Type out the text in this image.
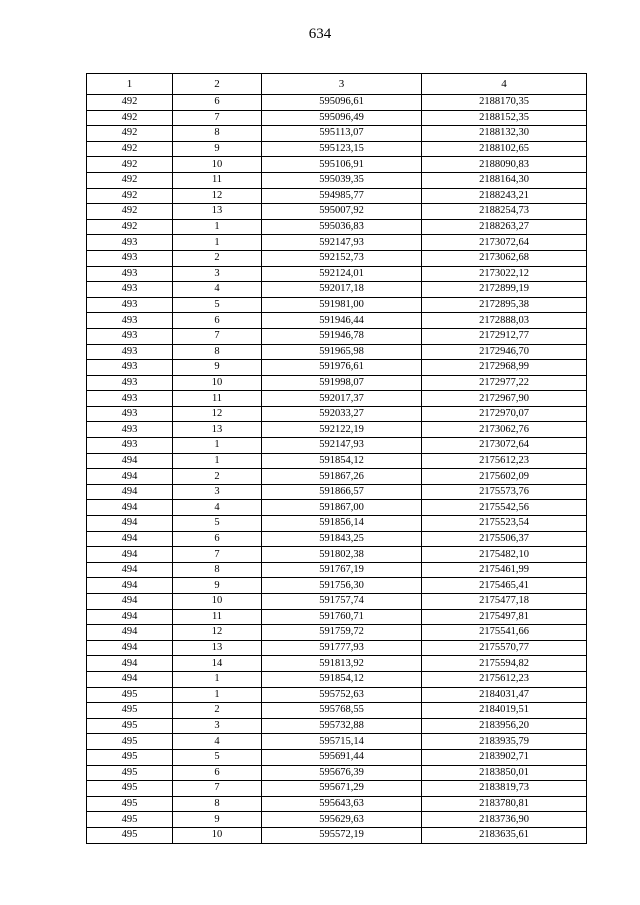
634
1	2	3	4
492	6	595096,61	2188170,35
492	7	595096,49	2188152,35
492	8	595113,07	2188132,30
492	9	595123,15	2188102,65
492	10	595106,91	2188090,83
492	11	595039,35	2188164,30
492	12	594985,77	2188243,21
492	13	595007,92	2188254,73
492	1	595036,83	2188263,27
493	1	592147,93	2173072,64
493	2	592152,73	2173062,68
493	3	592124,01	2173022,12
493	4	592017,18	2172899,19
493	5	591981,00	2172895,38
493	6	591946,44	2172888,03
493	7	591946,78	2172912,77
493	8	591965,98	2172946,70
493	9	591976,61	2172968,99
493	10	591998,07	2172977,22
493	11	592017,37	2172967,90
493	12	592033,27	2172970,07
493	13	592122,19	2173062,76
493	1	592147,93	2173072,64
494	1	591854,12	2175612,23
494	2	591867,26	2175602,09
494	3	591866,57	2175573,76
494	4	591867,00	2175542,56
494	5	591856,14	2175523,54
494	6	591843,25	2175506,37
494	7	591802,38	2175482,10
494	8	591767,19	2175461,99
494	9	591756,30	2175465,41
494	10	591757,74	2175477,18
494	11	591760,71	2175497,81
494	12	591759,72	2175541,66
494	13	591777,93	2175570,77
494	14	591813,92	2175594,82
494	1	591854,12	2175612,23
495	1	595752,63	2184031,47
495	2	595768,55	2184019,51
495	3	595732,88	2183956,20
495	4	595715,14	2183935,79
495	5	595691,44	2183902,71
495	6	595676,39	2183850,01
495	7	595671,29	2183819,73
495	8	595643,63	2183780,81
495	9	595629,63	2183736,90
495	10	595572,19	2183635,61
